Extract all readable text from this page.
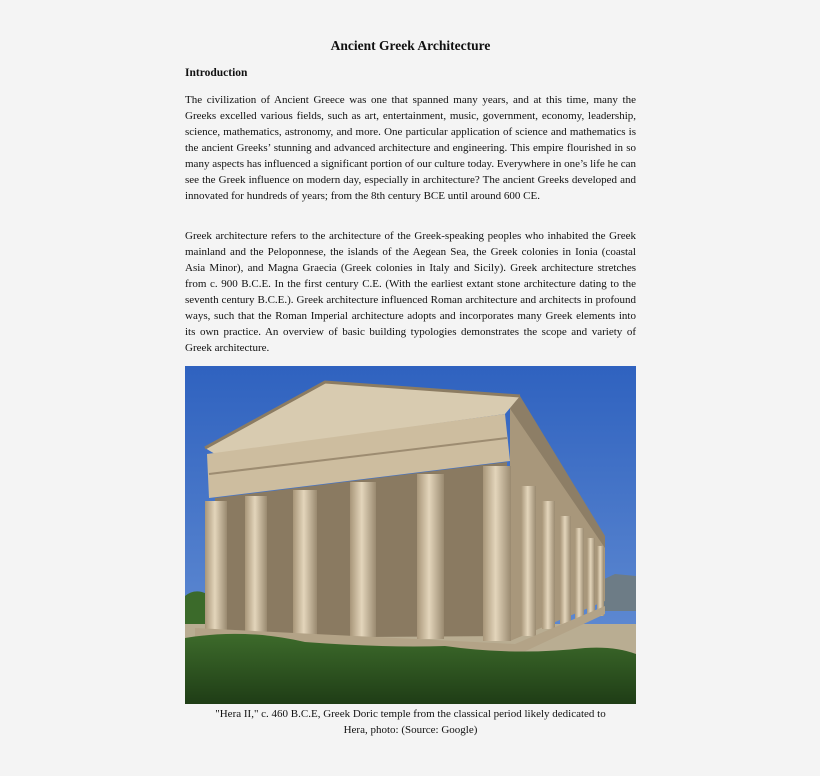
Ancient Greek Architecture
Introduction

The civilization of Ancient Greece was one that spanned many years, and at this time, many the Greeks excelled various fields, such as art, entertainment, music, government, economy, leadership, science, mathematics, astronomy, and more. One particular application of science and mathematics is the ancient Greeks’ stunning and advanced architecture and engineering. This empire flourished in so many aspects has influenced a significant portion of our culture today. Everywhere in one’s life he can see the Greek influence on modern day, especially in architecture? The ancient Greeks developed and innovated for hundreds of years; from the 8th century BCE until around 600 CE.

Greek architecture refers to the architecture of the Greek-speaking peoples who inhabited the Greek mainland and the Peloponnese, the islands of the Aegean Sea, the Greek colonies in Ionia (coastal Asia Minor), and Magna Graecia (Greek colonies in Italy and Sicily). Greek architecture stretches from c. 900 B.C.E. In the first century C.E. (With the earliest extant stone architecture dating to the seventh century B.C.E.). Greek architecture influenced Roman architecture and architects in profound ways, such that the Roman Imperial architecture adopts and incorporates many Greek elements into its own practice. An overview of basic building typologies demonstrates the scope and variety of Greek architecture.

"Hera II," c. 460 B.C.E, Greek Doric temple from the classical period likely dedicated to
Hera, photo: (Source: Google)
